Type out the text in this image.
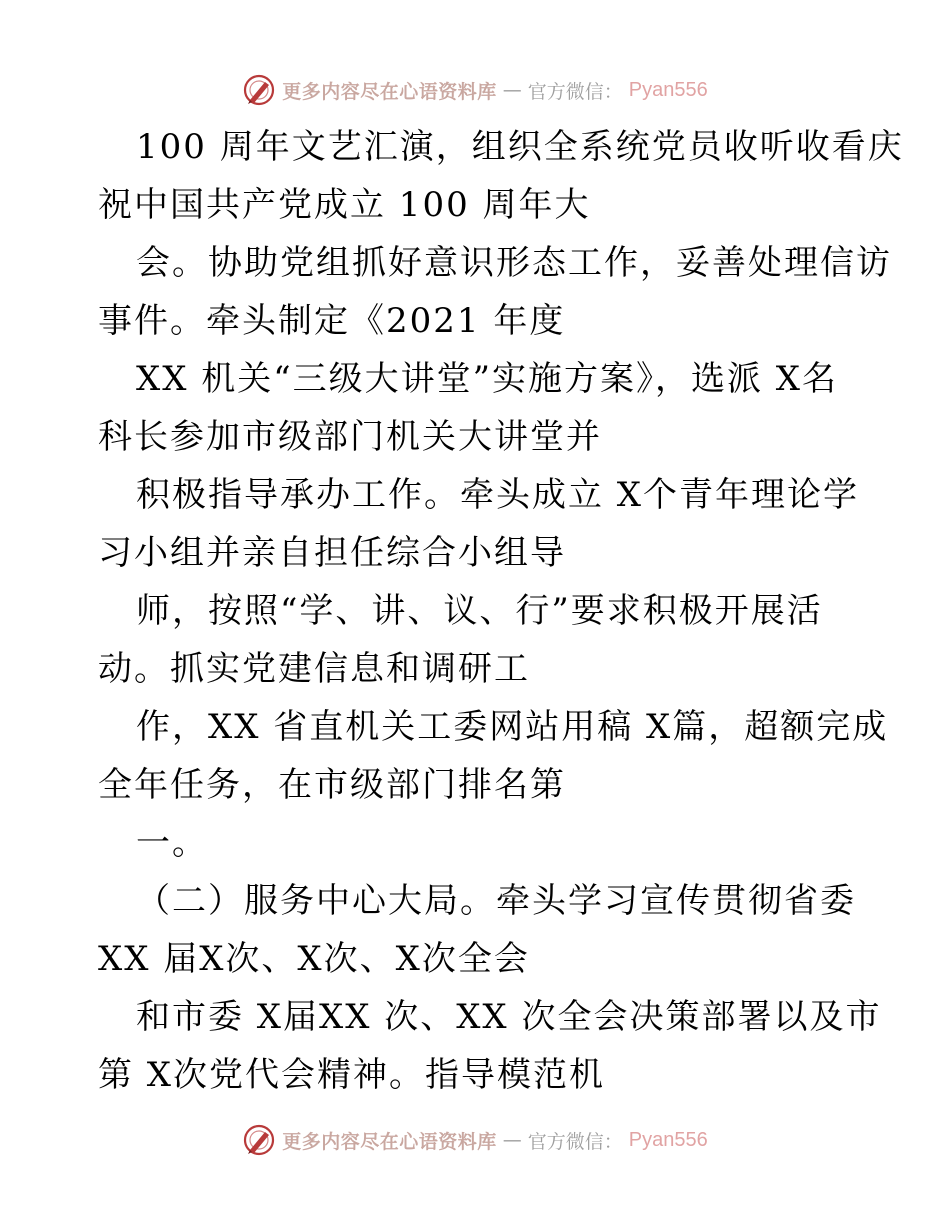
更多内容尽在心语资料库 — 官方微信： Pyan556
100 周年文艺汇演，组织全系统党员收听收看庆
祝中国共产党成立 100 周年大
会。协助党组抓好意识形态工作，妥善处理信访
事件。牵头制定《2021 年度
XX 机关“三级大讲堂”实施方案》，选派 X名
科长参加市级部门机关大讲堂并
积极指导承办工作。牵头成立 X个青年理论学
习小组并亲自担任综合小组导
师，按照“学、讲、议、行”要求积极开展活
动。抓实党建信息和调研工
作，XX 省直机关工委网站用稿 X篇，超额完成
全年任务，在市级部门排名第
一。
（二）服务中心大局。牵头学习宣传贯彻省委
XX 届X次、X次、X次全会
和市委 X届XX 次、XX 次全会决策部署以及市
第 X次党代会精神。指导模范机
更多内容尽在心语资料库 — 官方微信： Pyan556
